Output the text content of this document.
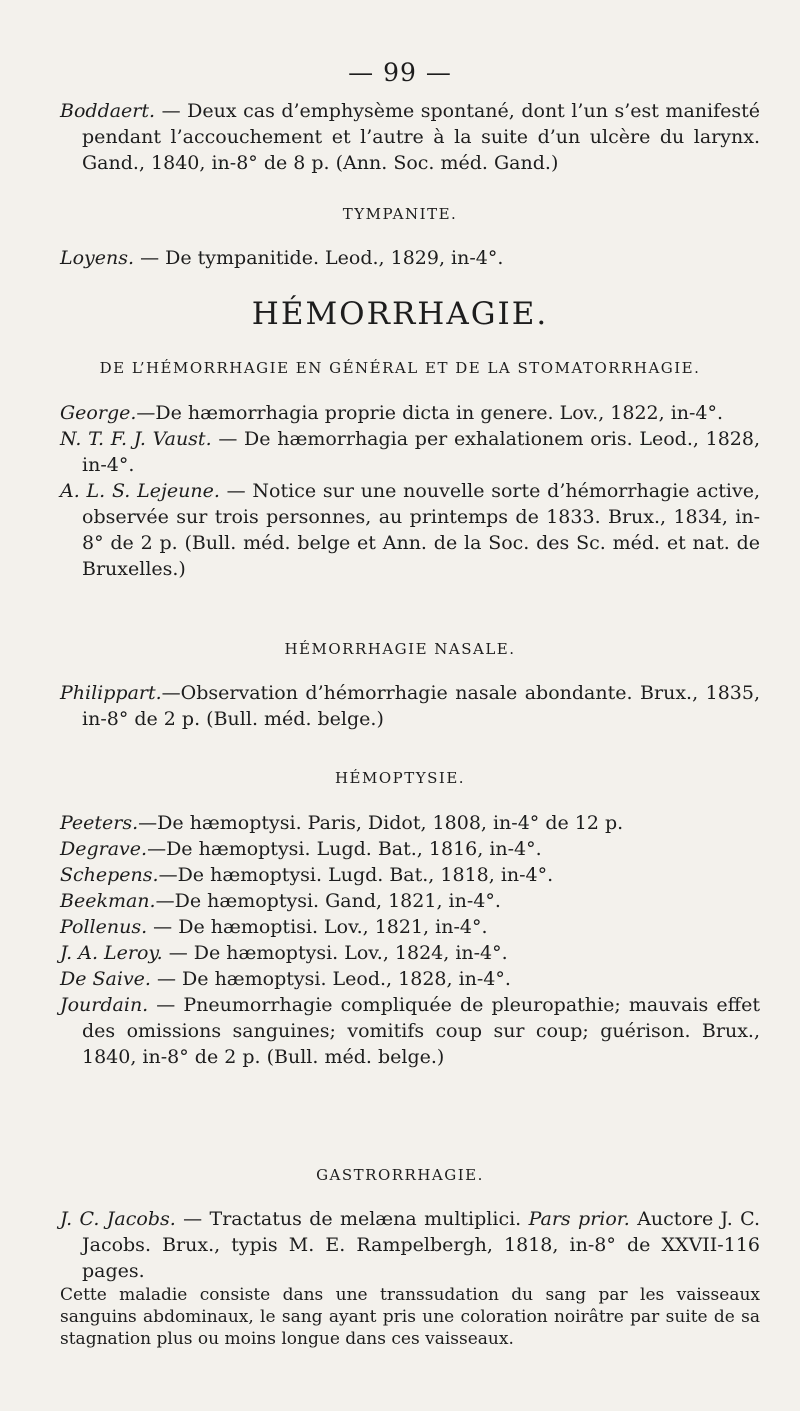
— 99 —

Boddaert. — Deux cas d’emphysème spontané, dont l’un s’est manifesté pendant l’accouchement et l’autre à la suite d’un ulcère du larynx. Gand., 1840, in-8° de 8 p. (Ann. Soc. méd. Gand.)

TYMPANITE.

Loyens. — De tympanitide. Leod., 1829, in-4°.

HÉMORRHAGIE.
DE L’HÉMORRHAGIE EN GÉNÉRAL ET DE LA STOMATORRHAGIE.

George.—De hæmorrhagia proprie dicta in genere. Lov., 1822, in-4°.

N. T. F. J. Vaust. — De hæmorrhagia per exhalationem oris. Leod., 1828, in-4°.

A. L. S. Lejeune. — Notice sur une nouvelle sorte d’hémorrhagie active, observée sur trois personnes, au printemps de 1833. Brux., 1834, in-8° de 2 p. (Bull. méd. belge et Ann. de la Soc. des Sc. méd. et nat. de Bruxelles.)

HÉMORRHAGIE NASALE.

Philippart.—Observation d’hémorrhagie nasale abondante. Brux., 1835, in-8° de 2 p. (Bull. méd. belge.)

HÉMOPTYSIE.

Peeters.—De hæmoptysi. Paris, Didot, 1808, in-4° de 12 p.

Degrave.—De hæmoptysi. Lugd. Bat., 1816, in-4°.

Schepens.—De hæmoptysi. Lugd. Bat., 1818, in-4°.

Beekman.—De hæmoptysi. Gand, 1821, in-4°.

Pollenus. — De hæmoptisi. Lov., 1821, in-4°.

J. A. Leroy. — De hæmoptysi. Lov., 1824, in-4°.

De Saive. — De hæmoptysi. Leod., 1828, in-4°.

Jourdain. — Pneumorrhagie compliquée de pleuropathie; mauvais effet des omissions sanguines; vomitifs coup sur coup; guérison. Brux., 1840, in-8° de 2 p. (Bull. méd. belge.)

GASTRORRHAGIE.

J. C. Jacobs. — Tractatus de melæna multiplici. Pars prior. Auctore J. C. Jacobs. Brux., typis M. E. Rampelbergh, 1818, in-8° de XXVII-116 pages.

Cette maladie consiste dans une transsudation du sang par les vaisseaux sanguins abdominaux, le sang ayant pris une coloration noirâtre par suite de sa stagnation plus ou moins longue dans ces vaisseaux.
